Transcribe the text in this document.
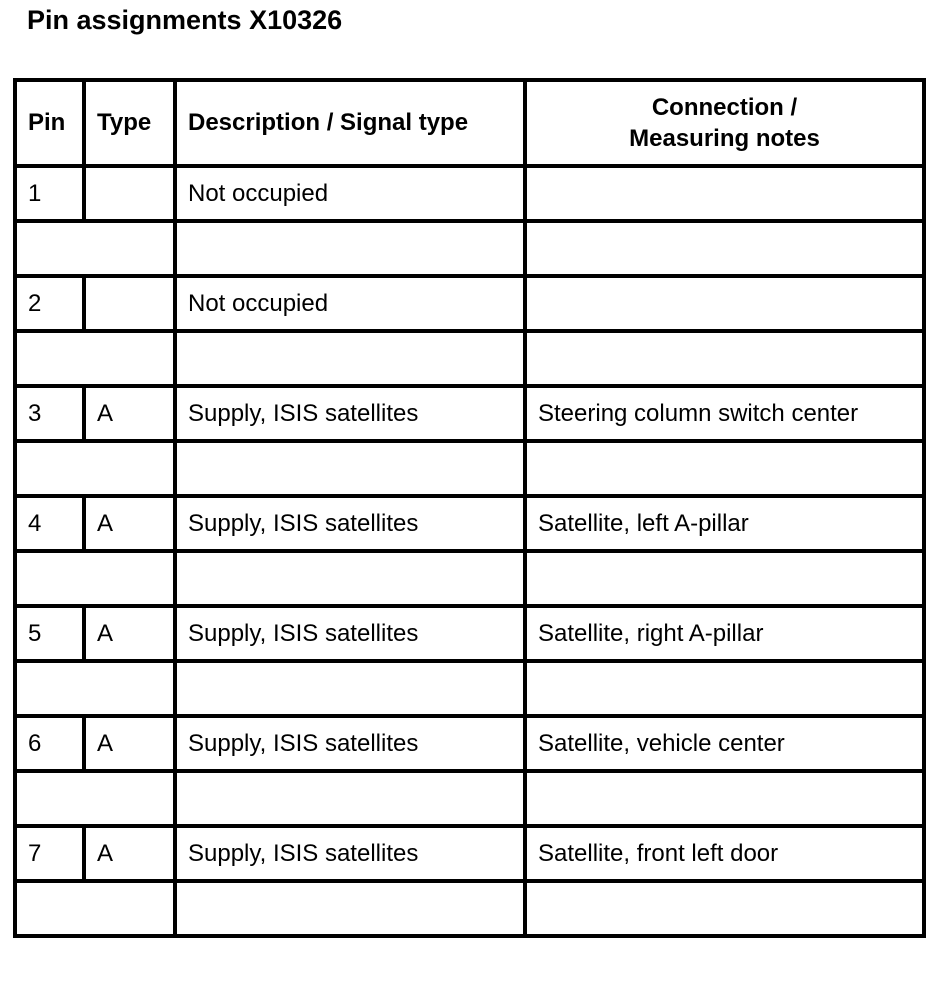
Pin assignments X10326
Pin	Type	Description / Signal type	Connection /
Measuring notes

1		Not occupied	

2		Not occupied	

3	A	Supply, ISIS satellites	Steering column switch center

4	A	Supply, ISIS satellites	Satellite, left A-pillar

5	A	Supply, ISIS satellites	Satellite, right A-pillar

6	A	Supply, ISIS satellites	Satellite, vehicle center

7	A	Supply, ISIS satellites	Satellite, front left door
